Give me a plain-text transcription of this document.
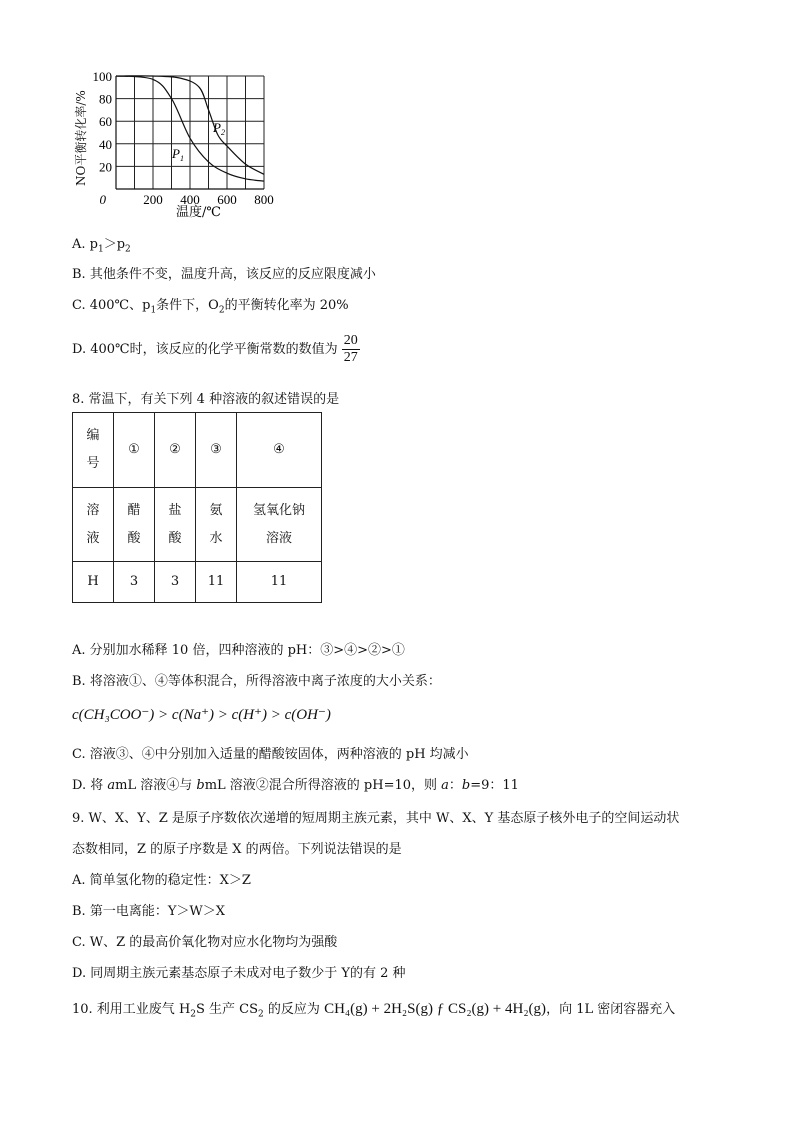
100
80
60
40
20
0	200 400 600 800
$P_1$
$P_2$
温度/℃
NO平衡转化率/%
A. $p_1>p_2$
B. 其他条件不变，温度升高，该反应的反应限度减小
C. 400℃、$p_1$条件下，$O_2$的平衡转化率为 20%
D. 400℃时，该反应的化学平衡常数的数值为 $\frac{20}{27}$
8. 常温下，有关下列 4 种溶液的叙述错误的是
编号	①	②	③	④

溶液	醋酸	盐酸	氨水	氢氧化钠溶液

H	3	3	11	11
A. 分别加水稀释 10 倍，四种溶液的 pH：③>④>②>①
B. 将溶液①、④等体积混合，所得溶液中离子浓度的大小关系：
c(CH₃COO⁻) > c(Na⁺) > c(H⁺) > c(OH⁻)
C. 溶液③、④中分别加入适量的醋酸铵固体，两种溶液的 pH 均减小
D. 将 amL 溶液④与 bmL 溶液②混合所得溶液的 pH=10，则 a：b=9：11
9. W、X、Y、Z 是原子序数依次递增的短周期主族元素，其中 W、X、Y 基态原子核外电子的空间运动状
态数相同，Z 的原子序数是 X 的两倍。下列说法错误的是
A. 简单氢化物的稳定性：X＞Z
B. 第一电离能：Y＞W＞X
C. W、Z 的最高价氧化物对应水化物均为强酸
D. 同周期主族元素基态原子未成对电子数少于 Y的有 2 种
10. 利用工业废气 $H_2S$ 生产 $CS_2$ 的反应为 CH₄(g) + 2H₂S(g) ƒ CS₂(g) + 4H₂(g)，向 1L 密闭容器充入
